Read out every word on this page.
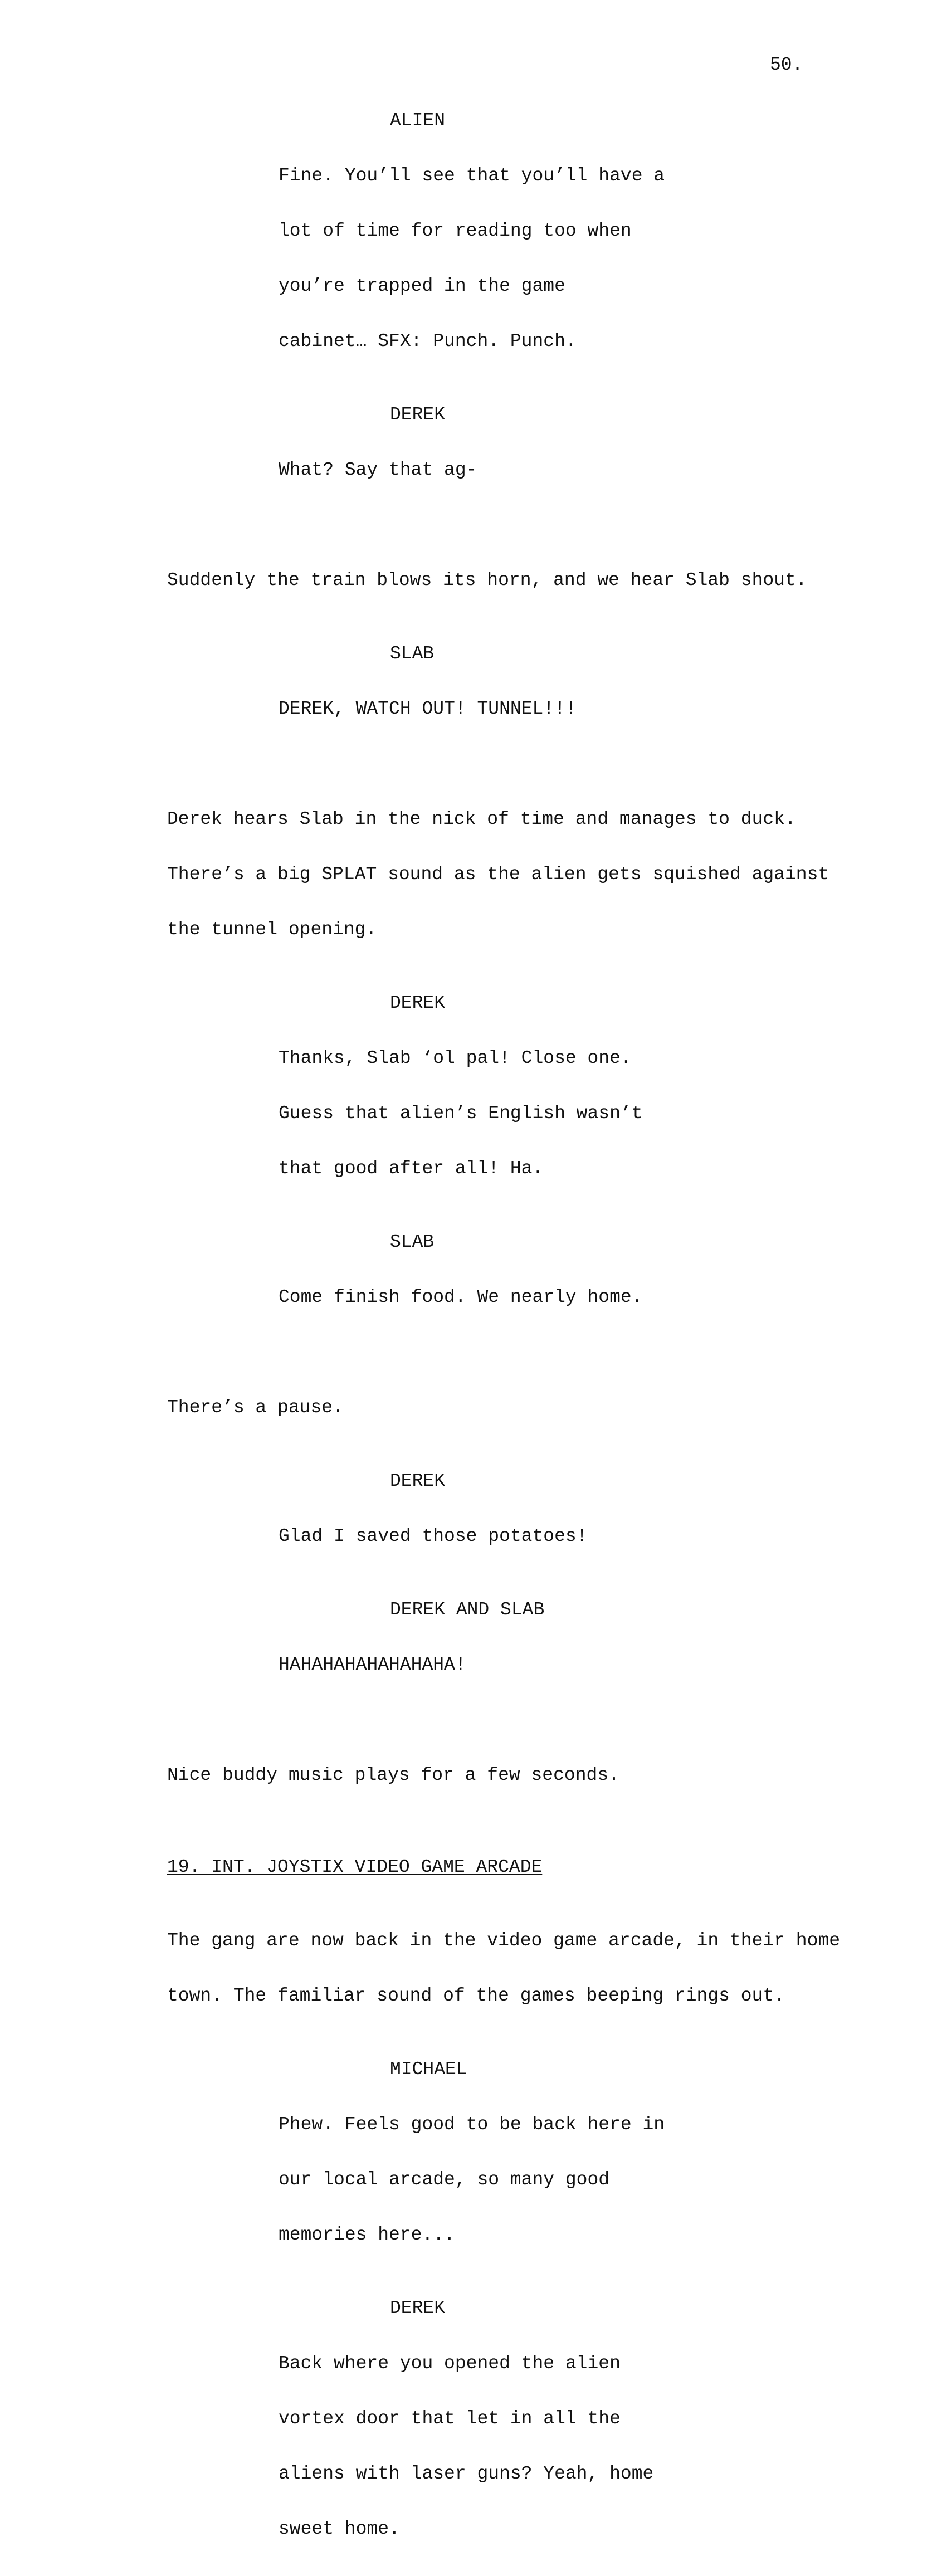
50.
ALIEN

Fine. You’ll see that you’ll have a

lot of time for reading too when

you’re trapped in the game

cabinet… SFX: Punch. Punch.

DEREK

What? Say that ag-

Suddenly the train blows its horn, and we hear Slab shout.

SLAB

DEREK, WATCH OUT! TUNNEL!!!

Derek hears Slab in the nick of time and manages to duck.

There’s a big SPLAT sound as the alien gets squished against

the tunnel opening.

DEREK

Thanks, Slab ‘ol pal! Close one.

Guess that alien’s English wasn’t

that good after all! Ha.

SLAB

Come finish food. We nearly home.

There’s a pause.

DEREK

Glad I saved those potatoes!

DEREK AND SLAB

HAHAHAHAHAHAHAHA!

Nice buddy music plays for a few seconds.

19. INT. JOYSTIX VIDEO GAME ARCADE

The gang are now back in the video game arcade, in their home

town. The familiar sound of the games beeping rings out.

MICHAEL

Phew. Feels good to be back here in

our local arcade, so many good

memories here...

DEREK

Back where you opened the alien

vortex door that let in all the

aliens with laser guns? Yeah, home

sweet home.
